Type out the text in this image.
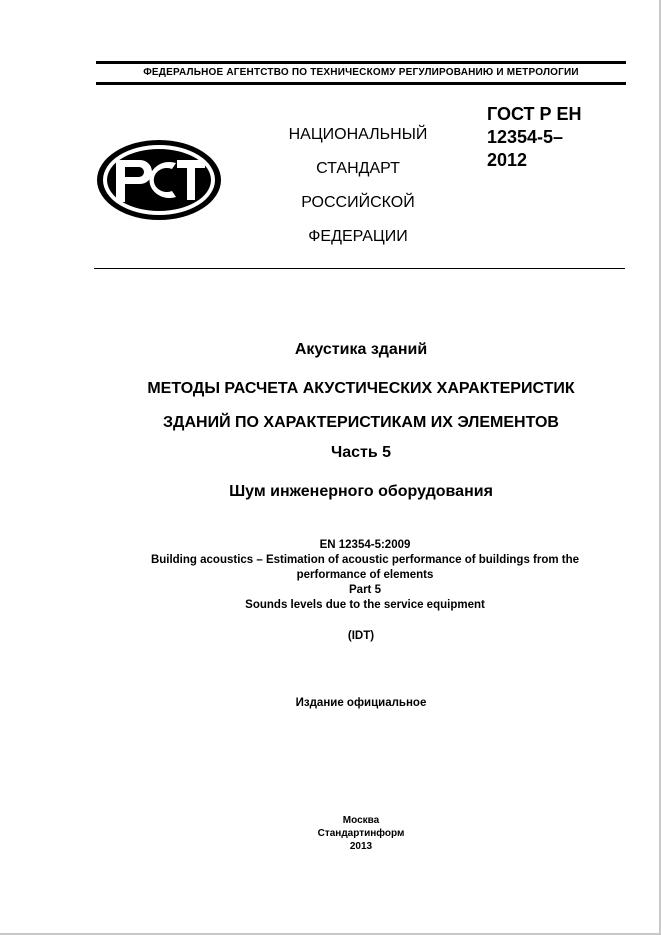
ФЕДЕРАЛЬНОЕ АГЕНТСТВО ПО ТЕХНИЧЕСКОМУ РЕГУЛИРОВАНИЮ И МЕТРОЛОГИИ
НАЦИОНАЛЬНЫЙ
СТАНДАРТ
РОССИЙСКОЙ
ФЕДЕРАЦИИ
ГОСТ Р ЕН
12354-5–
2012
Акустика зданий
МЕТОДЫ РАСЧЕТА АКУСТИЧЕСКИХ ХАРАКТЕРИСТИК
ЗДАНИЙ ПО ХАРАКТЕРИСТИКАМ ИХ ЭЛЕМЕНТОВ
Часть 5
Шум инженерного оборудования
EN 12354-5:2009
Building acoustics – Estimation of acoustic performance of buildings from the
performance of elements
Part 5
Sounds levels due to the service equipment
(IDT)
Издание официальное
Москва
Стандартинформ
2013
